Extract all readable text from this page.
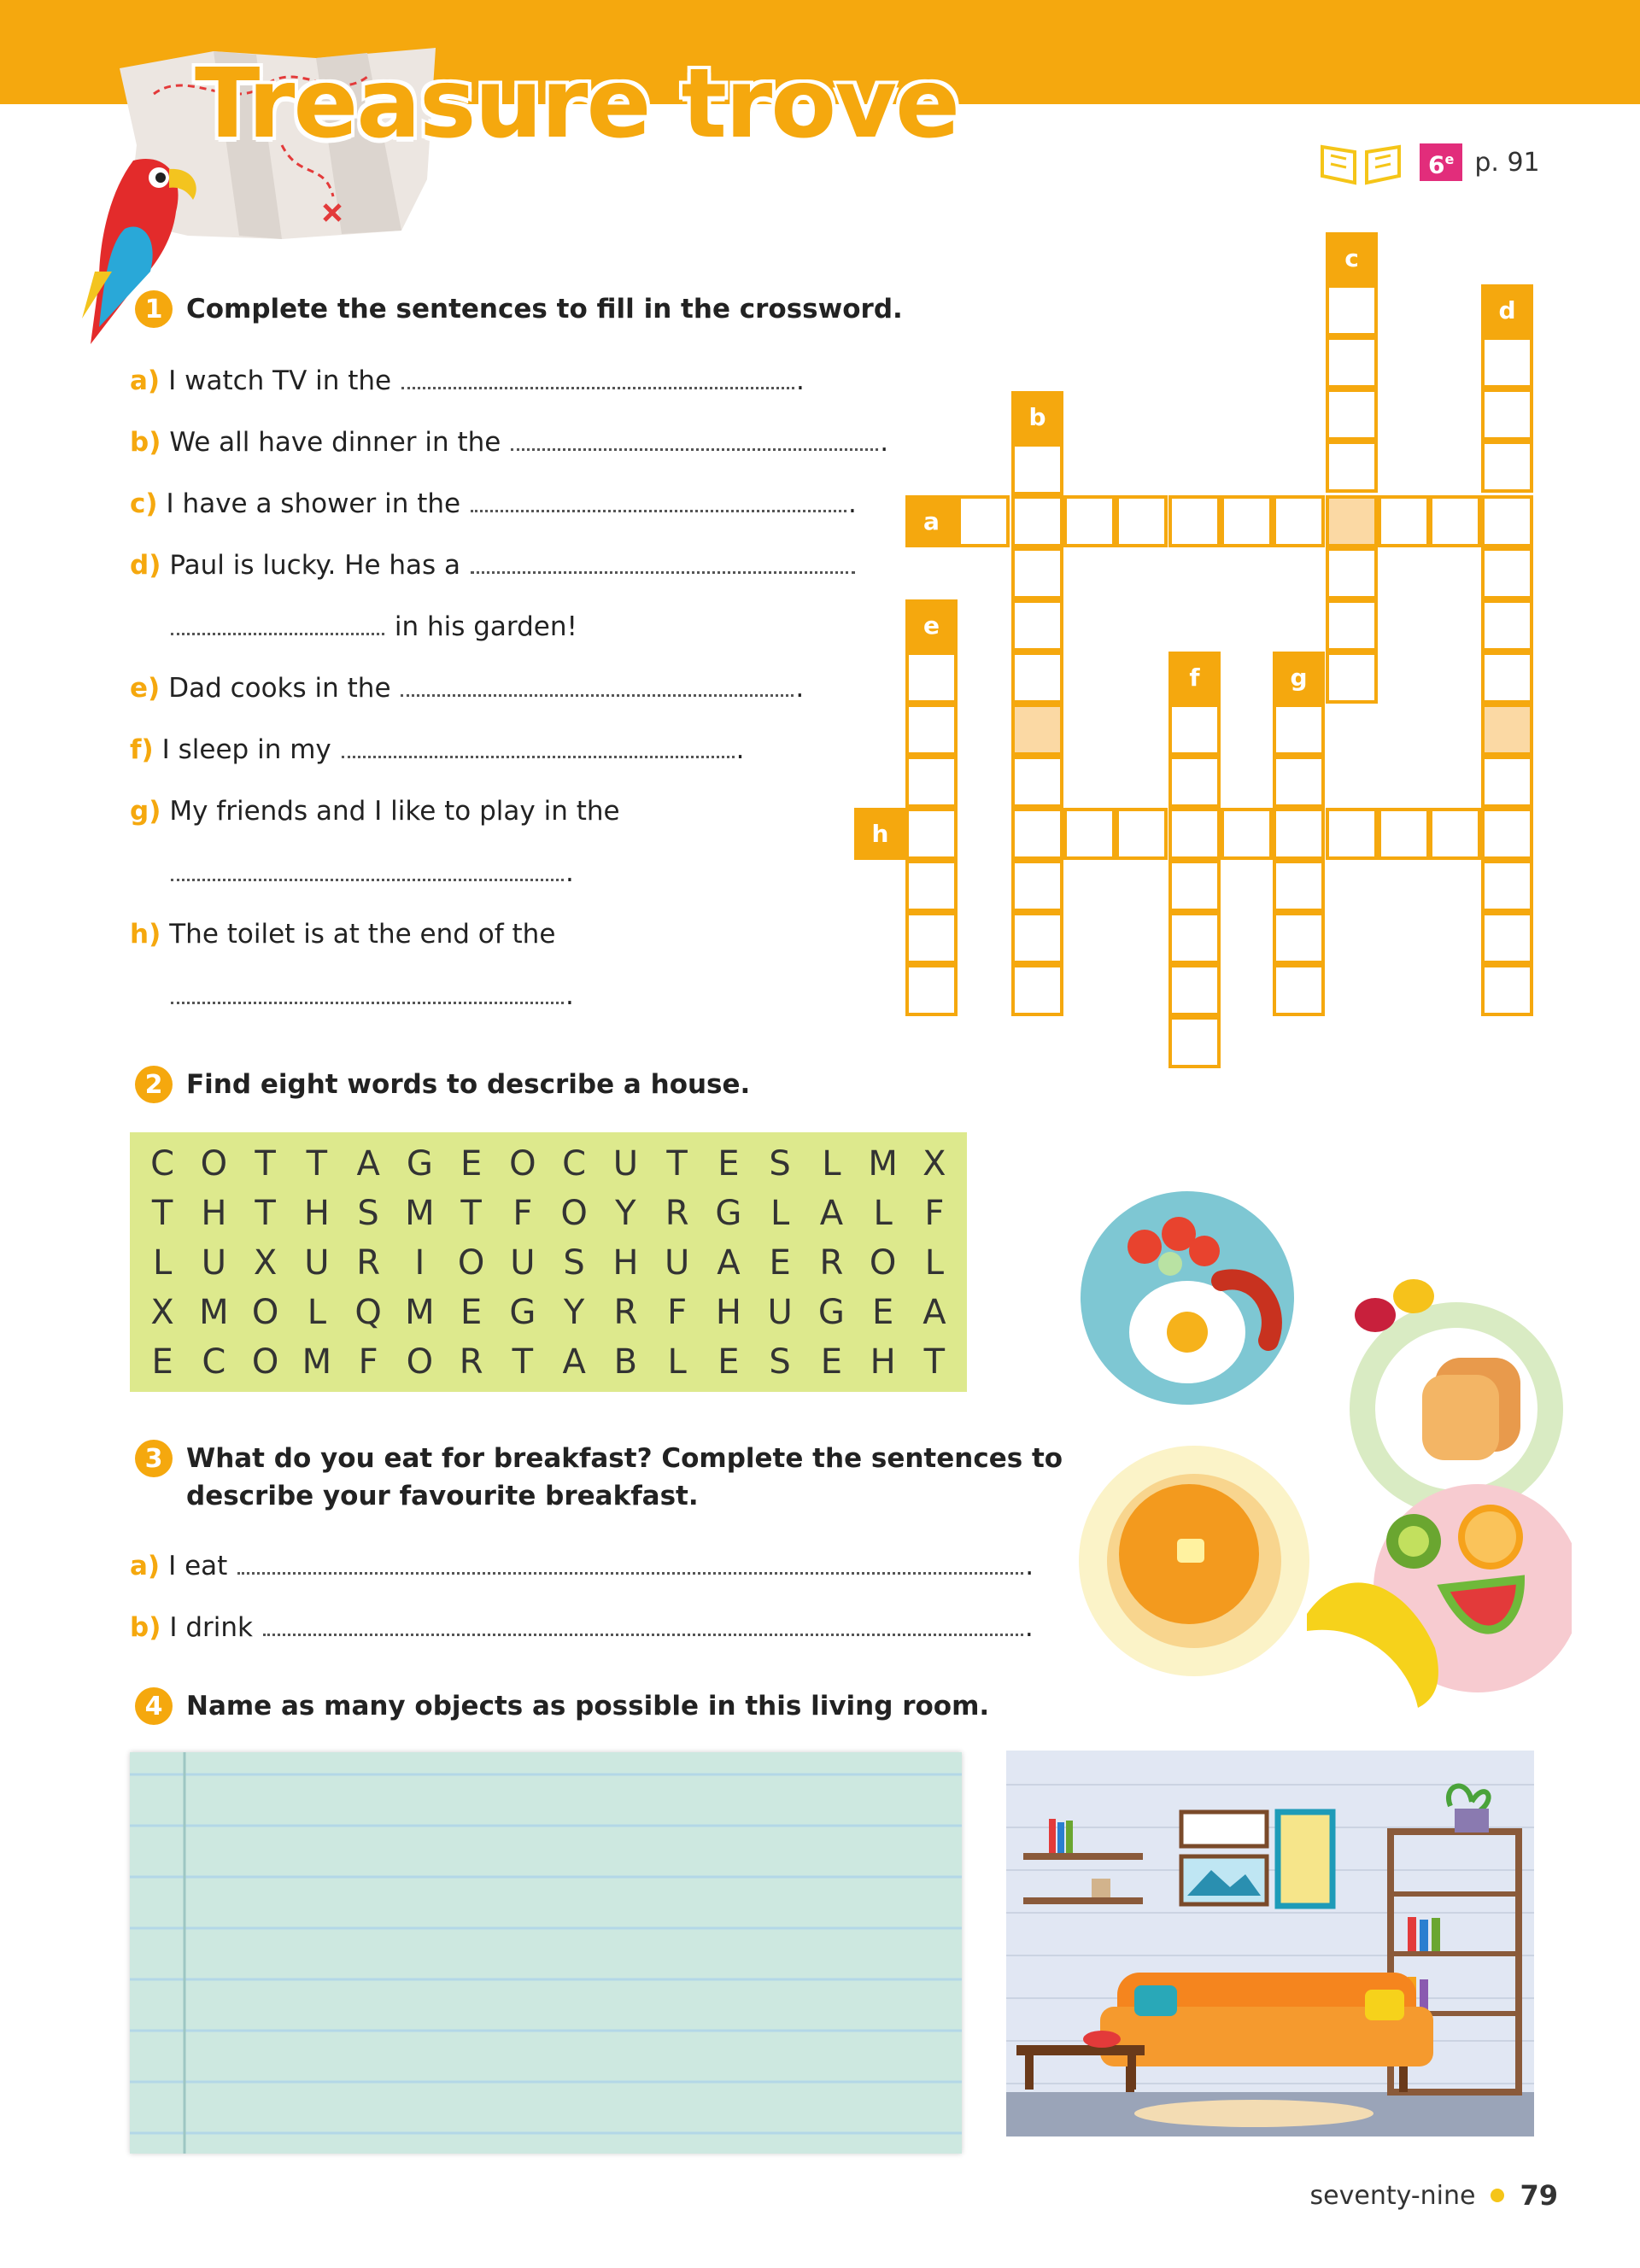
Treasure trove
6e p. 91
1 Complete the sentences to fill in the crossword.
a) I watch TV in the	.
b) We all have dinner in the	.
c) I have a shower in the	.
d) Paul is lucky. He has a
in his garden!
e) Dad cooks in the	.
f) I sleep in my	.
g) My friends and I like to play in the
.
h) The toilet is at the end of the
.
a
b
c
d
e
f	g
h
2 Find eight words to describe a house.
C O T T A G E O C U T E S L M X
T H T H S M T F O Y R G L A L F
L U X U R	I O U S H U A E R O L
X M O L Q M E G Y R F H U G E A
E C O M F O R T A B L E S E H T
3 What do you eat for breakfast? Complete the sentences to
describe your favourite breakfast.
a) I eat	.
b) I drink	.
4 Name as many objects as possible in this living room.
seventy-nine 79
